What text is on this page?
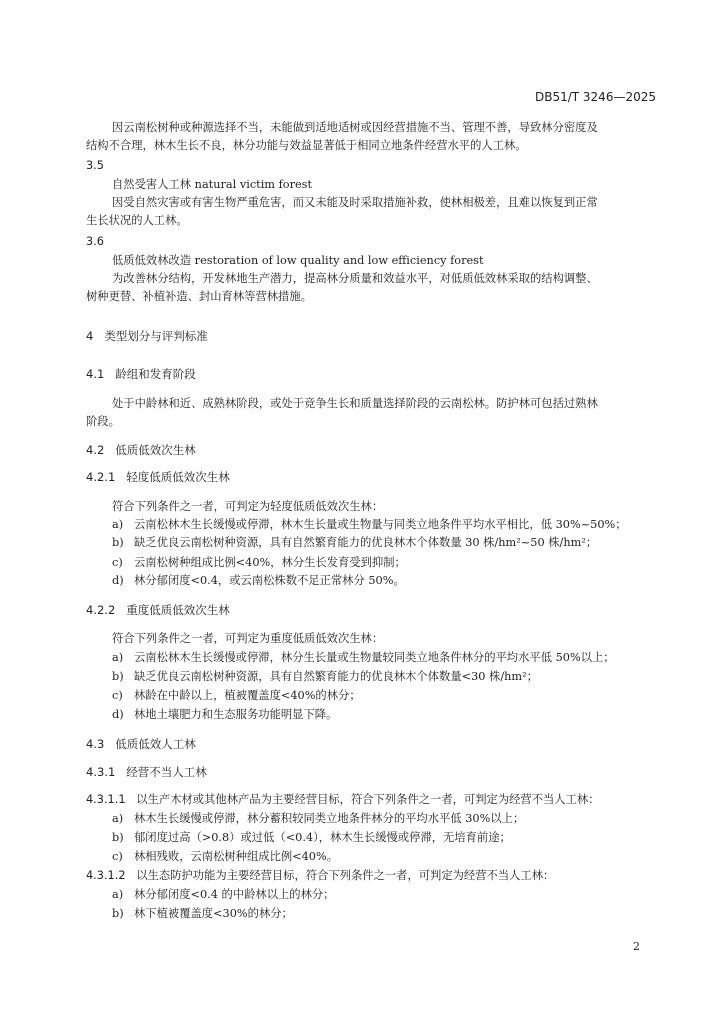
DB51/T 3246—2025
因云南松树种或种源选择不当，未能做到适地适树或因经营措施不当、管理不善，导致林分密度及
结构不合理，林木生长不良，林分功能与效益显著低于相同立地条件经营水平的人工林。
3.5
自然受害人工林 natural victim forest
因受自然灾害或有害生物严重危害，而又未能及时采取措施补救，使林相极差，且难以恢复到正常
生长状况的人工林。
3.6
低质低效林改造 restoration of low quality and low efficiency forest
为改善林分结构，开发林地生产潜力，提高林分质量和效益水平，对低质低效林采取的结构调整、
树种更替、补植补造、封山育林等营林措施。
4 类型划分与评判标准
4.1 龄组和发育阶段
处于中龄林和近、成熟林阶段，或处于竞争生长和质量选择阶段的云南松林。防护林可包括过熟林
阶段。
4.2 低质低效次生林
4.2.1 轻度低质低效次生林
符合下列条件之一者，可判定为轻度低质低效次生林：
a) 云南松林木生长缓慢或停滞，林木生长量或生物量与同类立地条件平均水平相比，低 30%~50%；
b) 缺乏优良云南松树种资源，具有自然繁育能力的优良林木个体数量 30 株/hm²~50 株/hm²；
c) 云南松树种组成比例<40%，林分生长发育受到抑制；
d) 林分郁闭度<0.4，或云南松株数不足正常林分 50%。
4.2.2 重度低质低效次生林
符合下列条件之一者，可判定为重度低质低效次生林：
a) 云南松林木生长缓慢或停滞，林分生长量或生物量较同类立地条件林分的平均水平低 50%以上；
b) 缺乏优良云南松树种资源，具有自然繁育能力的优良林木个体数量<30 株/hm²；
c) 林龄在中龄以上，植被覆盖度<40%的林分；
d) 林地土壤肥力和生态服务功能明显下降。
4.3 低质低效人工林
4.3.1 经营不当人工林
4.3.1.1 以生产木材或其他林产品为主要经营目标，符合下列条件之一者，可判定为经营不当人工林：
a) 林木生长缓慢或停滞，林分蓄积较同类立地条件林分的平均水平低 30%以上；
b) 郁闭度过高（>0.8）或过低（<0.4），林木生长缓慢或停滞，无培育前途；
c) 林相残败，云南松树种组成比例<40%。
4.3.1.2 以生态防护功能为主要经营目标，符合下列条件之一者，可判定为经营不当人工林：
a) 林分郁闭度<0.4 的中龄林以上的林分；
b) 林下植被覆盖度<30%的林分；
2
